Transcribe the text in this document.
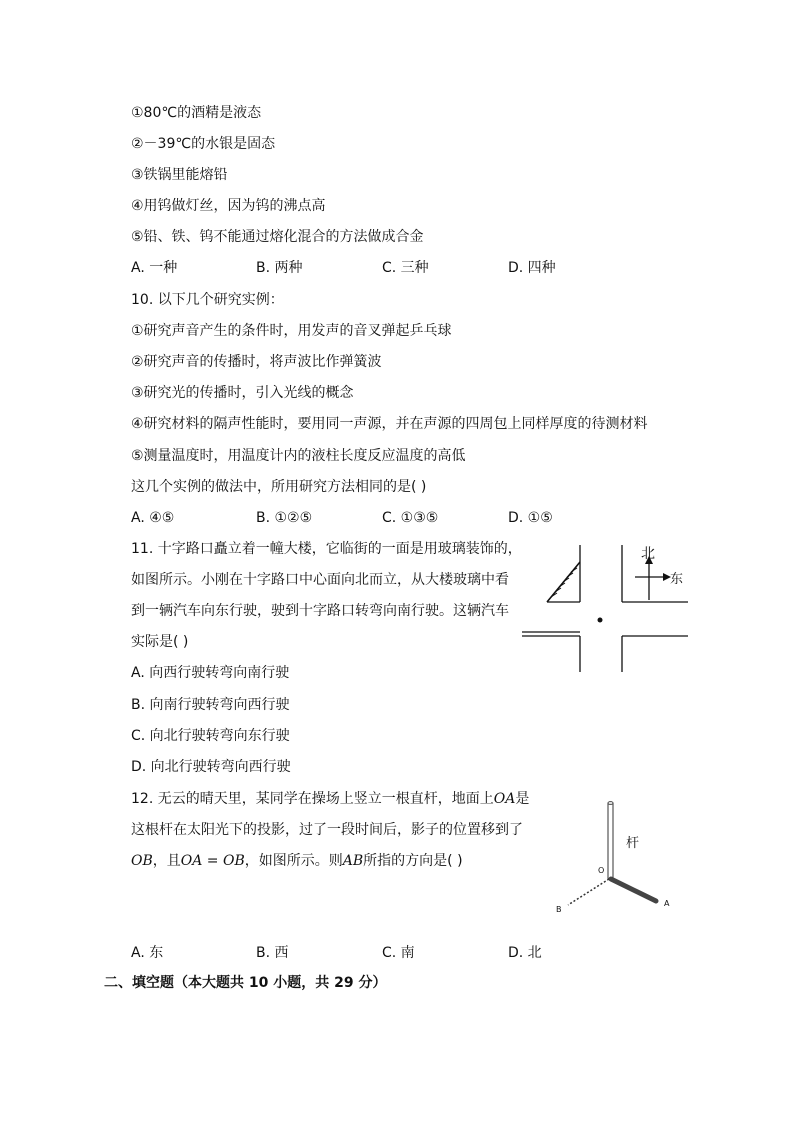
①80℃的酒精是液态
②－39℃的水银是固态
③铁锅里能熔铅
④用钨做灯丝，因为钨的沸点高
⑤铅、铁、钨不能通过熔化混合的方法做成合金
A. 一种	B. 两种	C. 三种	D. 四种
10. 以下几个研究实例：
①研究声音产生的条件时，用发声的音叉弹起乒乓球
②研究声音的传播时，将声波比作弹簧波
③研究光的传播时，引入光线的概念
④研究材料的隔声性能时，要用同一声源，并在声源的四周包上同样厚度的待测材料
⑤测量温度时，用温度计内的液柱长度反应温度的高低
这几个实例的做法中，所用研究方法相同的是( )
A. ④⑤	B. ①②⑤	C. ①③⑤	D. ①⑤
11. 十字路口矗立着一幢大楼，它临街的一面是用玻璃装饰的，
如图所示。小刚在十字路口中心面向北而立，从大楼玻璃中看
到一辆汽车向东行驶，驶到十字路口转弯向南行驶。这辆汽车
实际是( )
A. 向西行驶转弯向南行驶
B. 向南行驶转弯向西行驶
C. 向北行驶转弯向东行驶
D. 向北行驶转弯向西行驶
北
东
12. 无云的晴天里，某同学在操场上竖立一根直杆，地面上OA是
这根杆在太阳光下的投影，过了一段时间后，影子的位置移到了
OB，且OA = OB，如图所示。则AB所指的方向是( )
杆
O
A
B
A. 东	B. 西	C. 南	D. 北
二、填空题（本大题共 10 小题，共 29 分）
